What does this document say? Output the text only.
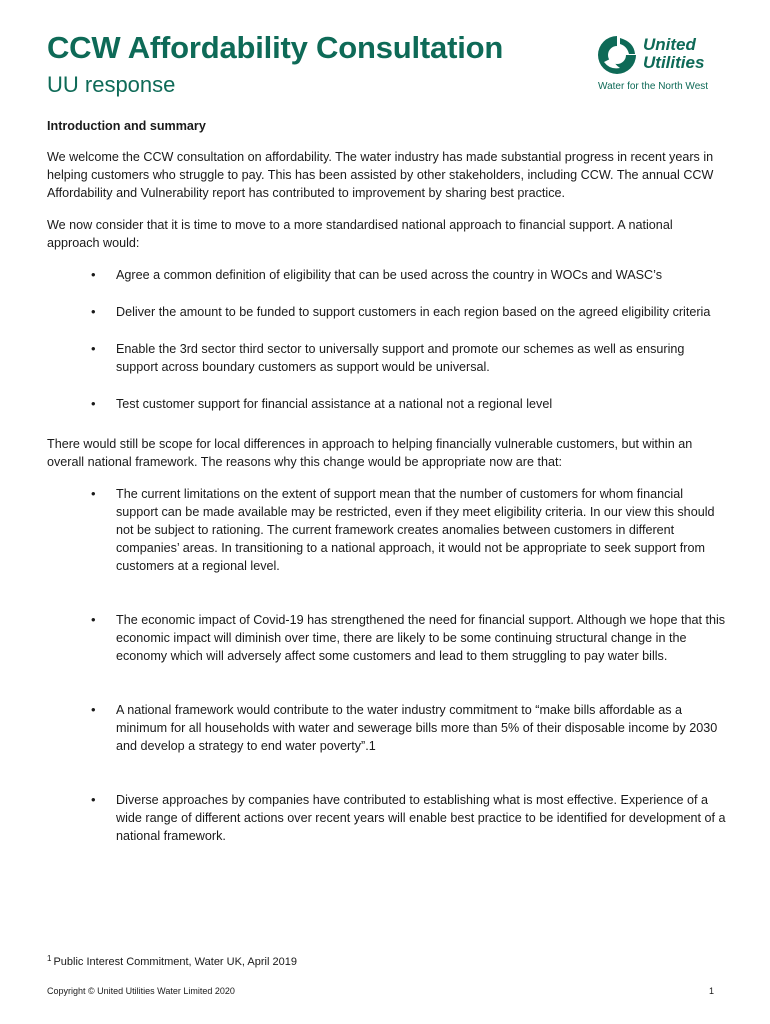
CCW Affordability Consultation
UU response
United
Utilities
Water for the North West
Introduction and summary

We welcome the CCW consultation on affordability. The water industry has made substantial progress in recent years in helping customers who struggle to pay. This has been assisted by other stakeholders, including CCW. The annual CCW Affordability and Vulnerability report has contributed to improvement by sharing best practice.

We now consider that it is time to move to a more standardised national approach to financial support. A national approach would:

• Agree a common definition of eligibility that can be used across the country in WOCs and WASC’s
• Deliver the amount to be funded to support customers in each region based on the agreed eligibility criteria
• Enable the 3rd sector third sector to universally support and promote our schemes as well as ensuring support across boundary customers as support would be universal.
• Test customer support for financial assistance at a national not a regional level

There would still be scope for local differences in approach to helping financially vulnerable customers, but within an overall national framework. The reasons why this change would be appropriate now are that:

• The current limitations on the extent of support mean that the number of customers for whom financial support can be made available may be restricted, even if they meet eligibility criteria. In our view this should not be subject to rationing. The current framework creates anomalies between customers in different companies’ areas. In transitioning to a national approach, it would not be appropriate to seek support from customers at a regional level.
• The economic impact of Covid-19 has strengthened the need for financial support. Although we hope that this economic impact will diminish over time, there are likely to be some continuing structural change in the economy which will adversely affect some customers and lead to them struggling to pay water bills.
• A national framework would contribute to the water industry commitment to “make bills affordable as a minimum for all households with water and sewerage bills more than 5% of their disposable income by 2030 and develop a strategy to end water poverty”.1
• Diverse approaches by companies have contributed to establishing what is most effective. Experience of a wide range of different actions over recent years will enable best practice to be identified for development of a national framework.
$^1$ Public Interest Commitment, Water UK, April 2019
Copyright © United Utilities Water Limited 2020	1
